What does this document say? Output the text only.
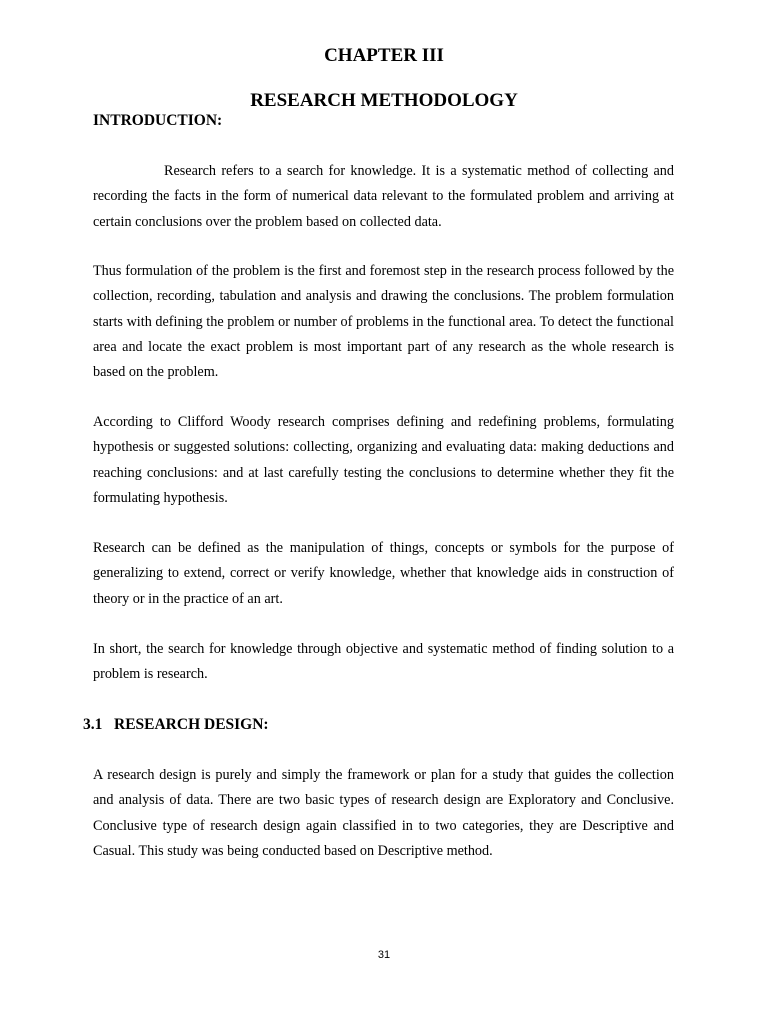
CHAPTER III
RESEARCH METHODOLOGY
INTRODUCTION:

Research refers to a search for knowledge. It is a systematic method of collecting and recording the facts in the form of numerical data relevant to the formulated problem and arriving at certain conclusions over the problem based on collected data.

Thus formulation of the problem is the first and foremost step in the research process followed by the collection, recording, tabulation and analysis and drawing the conclusions. The problem formulation starts with defining the problem or number of problems in the functional area. To detect the functional area and locate the exact problem is most important part of any research as the whole research is based on the problem.

According to Clifford Woody research comprises defining and redefining problems, formulating hypothesis or suggested solutions: collecting, organizing and evaluating data: making deductions and reaching conclusions: and at last carefully testing the conclusions to determine whether they fit the formulating hypothesis.

Research can be defined as the manipulation of things, concepts or symbols for the purpose of generalizing to extend, correct or verify knowledge, whether that knowledge aids in construction of theory or in the practice of an art.

In short, the search for knowledge through objective and systematic method of finding solution to a problem is research.

3.1   RESEARCH DESIGN:

A research design is purely and simply the framework or plan for a study that guides the collection and analysis of data. There are two basic types of research design are Exploratory and Conclusive. Conclusive type of research design again classified in to two categories, they are Descriptive and Casual. This study was being conducted based on Descriptive method.

31
